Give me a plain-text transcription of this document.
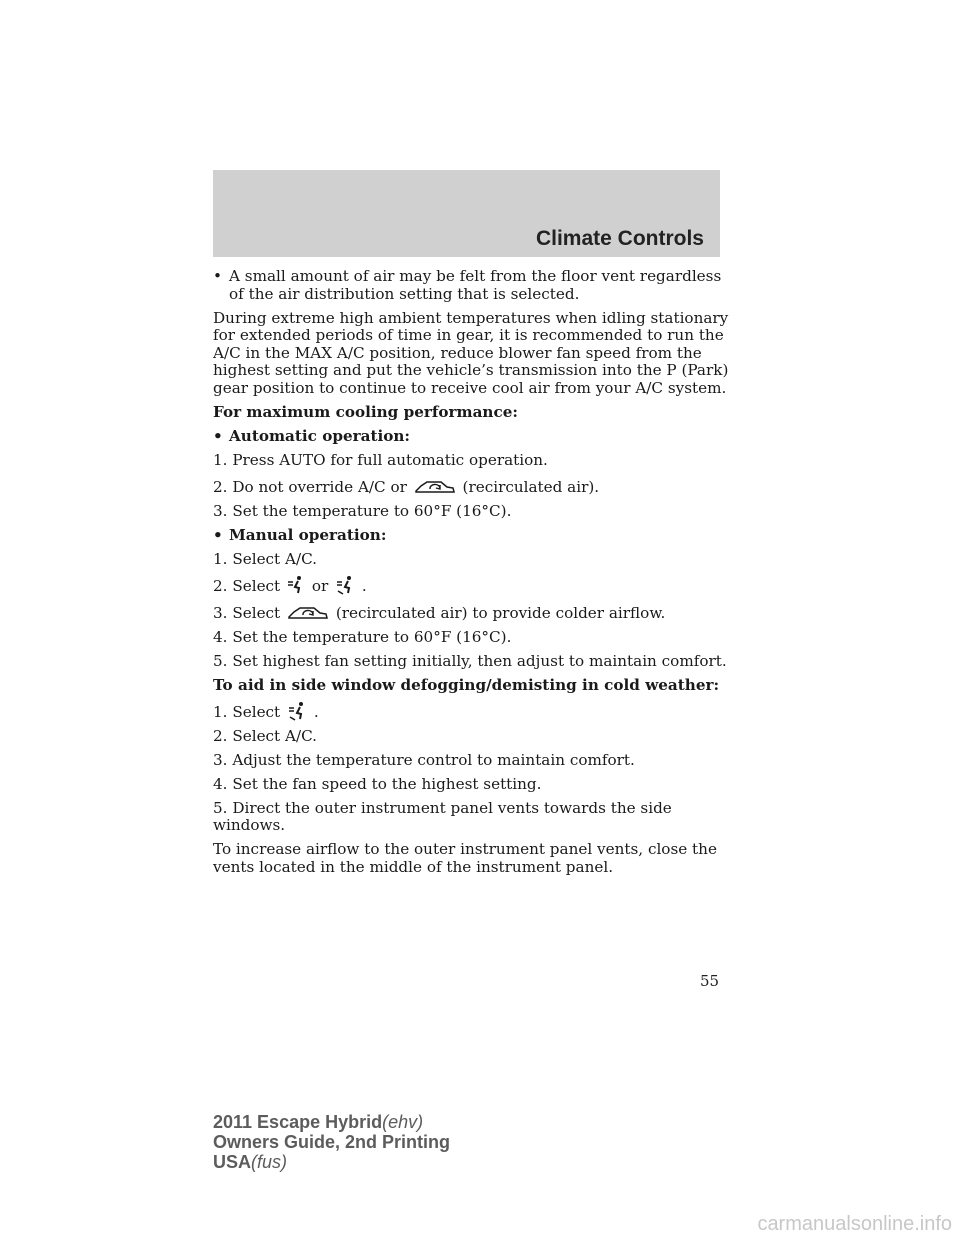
Climate Controls
• A small amount of air may be felt from the floor vent regardless of the air distribution setting that is selected.

During extreme high ambient temperatures when idling stationary for extended periods of time in gear, it is recommended to run the A/C in the MAX A/C position, reduce blower fan speed from the highest setting and put the vehicle’s transmission into the P (Park) gear position to continue to receive cool air from your A/C system.

For maximum cooling performance:

• Automatic operation:

1. Press AUTO for full automatic operation.

2. Do not override A/C or	(recirculated air).

3. Set the temperature to 60°F (16°C).

• Manual operation:

1. Select A/C.

2. Select or .

3. Select	(recirculated air) to provide colder airflow.

4. Set the temperature to 60°F (16°C).

5. Set highest fan setting initially, then adjust to maintain comfort.

To aid in side window defogging/demisting in cold weather:

1. Select .

2. Select A/C.

3. Adjust the temperature control to maintain comfort.

4. Set the fan speed to the highest setting.

5. Direct the outer instrument panel vents towards the side windows.

To increase airflow to the outer instrument panel vents, close the vents located in the middle of the instrument panel.

55
2011 Escape Hybrid(ehv)
Owners Guide, 2nd Printing
USA(fus)
carmanualsonline.info
